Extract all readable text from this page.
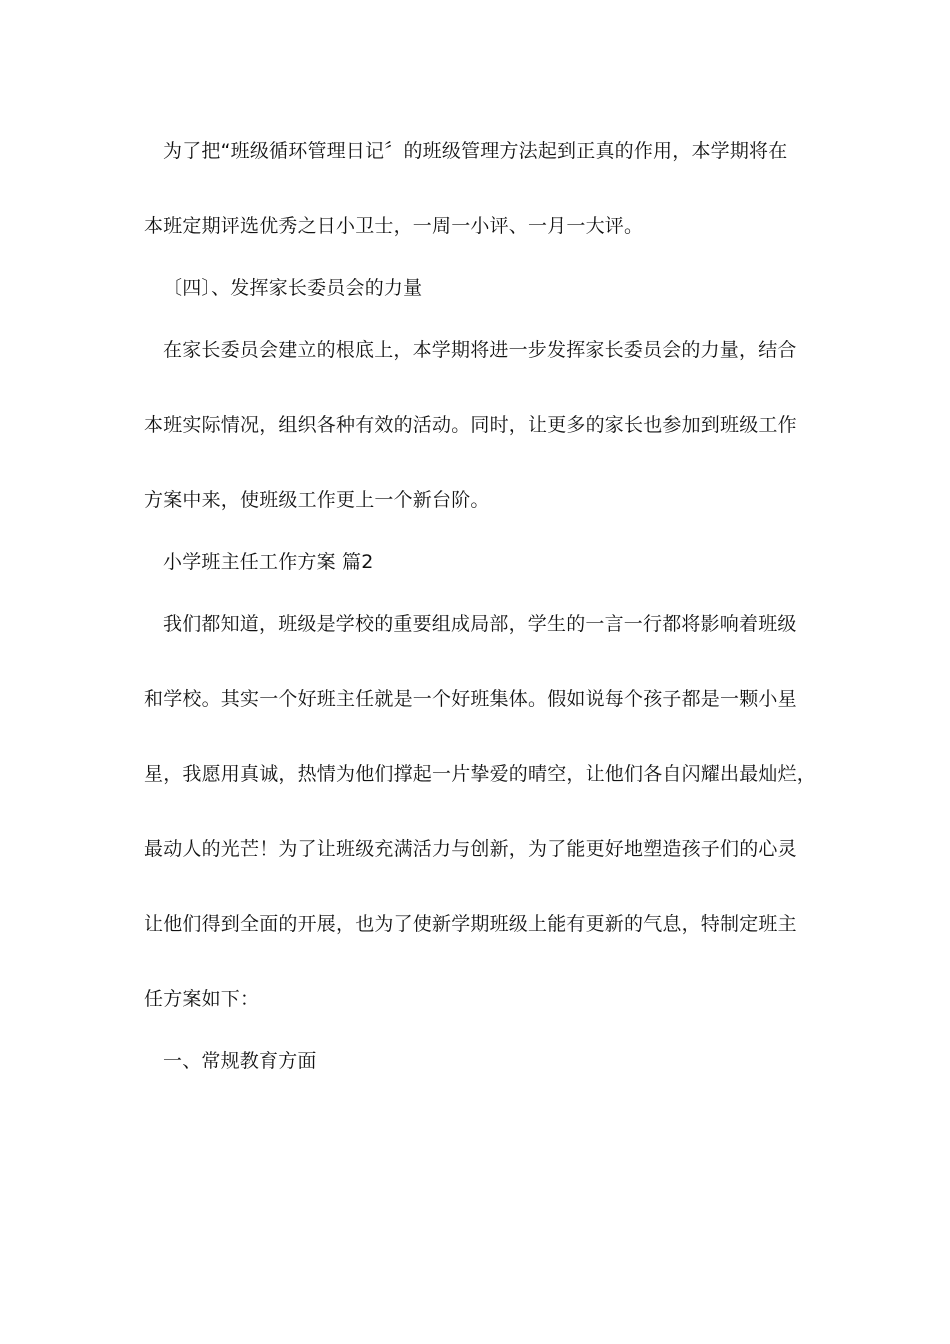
为了把“班级循环管理日记〞的班级管理方法起到正真的作用，本学期将在
本班定期评选优秀之日小卫士，一周一小评、一月一大评。
〔四〕、发挥家长委员会的力量
在家长委员会建立的根底上，本学期将进一步发挥家长委员会的力量，结合
本班实际情况，组织各种有效的活动。同时，让更多的家长也参加到班级工作
方案中来，使班级工作更上一个新台阶。
小学班主任工作方案 篇2
我们都知道，班级是学校的重要组成局部，学生的一言一行都将影响着班级
和学校。其实一个好班主任就是一个好班集体。假如说每个孩子都是一颗小星
星，我愿用真诚，热情为他们撑起一片挚爱的晴空，让他们各自闪耀出最灿烂，
最动人的光芒！为了让班级充满活力与创新，为了能更好地塑造孩子们的心灵
让他们得到全面的开展，也为了使新学期班级上能有更新的气息，特制定班主
任方案如下：
一、常规教育方面
